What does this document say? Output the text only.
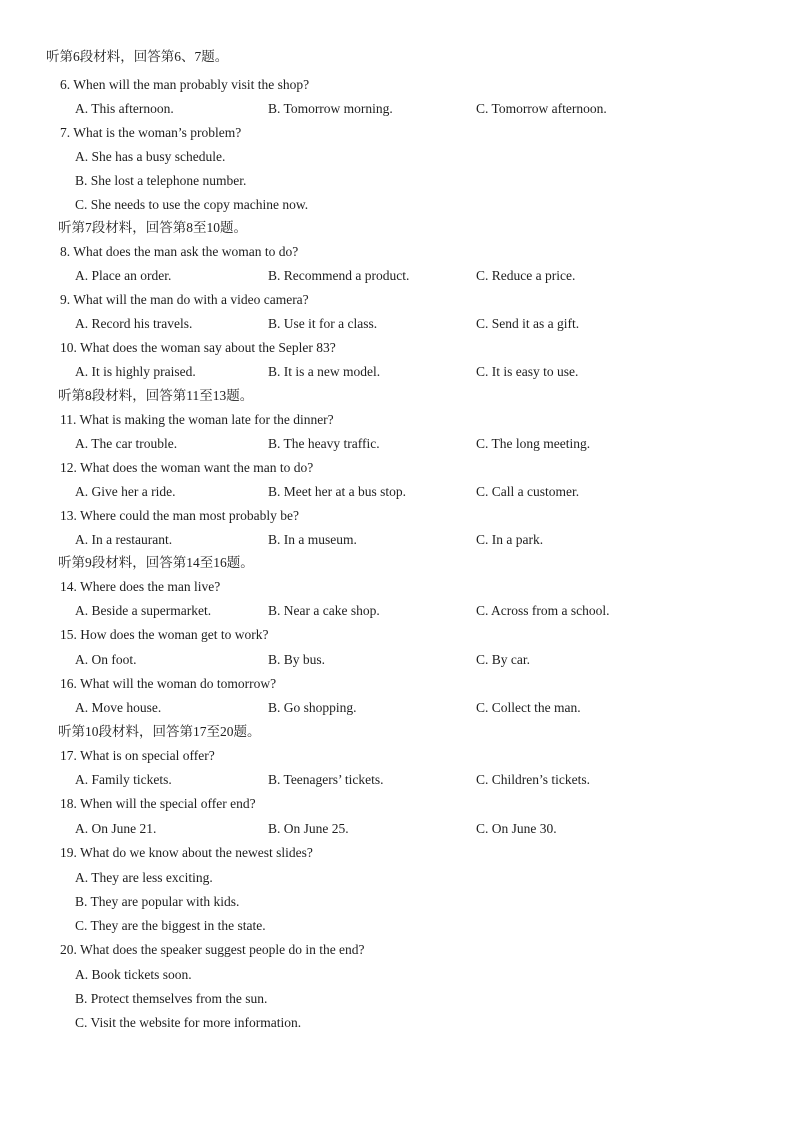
听第6段材料，回答第6、7题。
6. When will the man probably visit the shop?
A. This afternoon.	B. Tomorrow morning.	C. Tomorrow afternoon.
7. What is the woman’s problem?
A. She has a busy schedule.
B. She lost a telephone number.
C. She needs to use the copy machine now.
听第7段材料，回答第8至10题。
8. What does the man ask the woman to do?
A. Place an order.	B. Recommend a product.	C. Reduce a price.
9. What will the man do with a video camera?
A. Record his travels.	B. Use it for a class.	C. Send it as a gift.
10. What does the woman say about the Sepler 83?
A. It is highly praised.	B. It is a new model.	C. It is easy to use.
听第8段材料，回答第11至13题。
11. What is making the woman late for the dinner?
A. The car trouble.	B. The heavy traffic.	C. The long meeting.
12. What does the woman want the man to do?
A. Give her a ride.	B. Meet her at a bus stop.	C. Call a customer.
13. Where could the man most probably be?
A. In a restaurant.	B. In a museum.	C. In a park.
听第9段材料，回答第14至16题。
14. Where does the man live?
A. Beside a supermarket.	B. Near a cake shop.	C. Across from a school.
15. How does the woman get to work?
A. On foot.	B. By bus.	C. By car.
16. What will the woman do tomorrow?
A. Move house.	B. Go shopping.	C. Collect the man.
听第10段材料，回答第17至20题。
17. What is on special offer?
A. Family tickets.	B. Teenagers’ tickets.	C. Children’s tickets.
18. When will the special offer end?
A. On June 21.	B. On June 25.	C. On June 30.
19. What do we know about the newest slides?
A. They are less exciting.
B. They are popular with kids.
C. They are the biggest in the state.
20. What does the speaker suggest people do in the end?
A. Book tickets soon.
B. Protect themselves from the sun.
C. Visit the website for more information.
